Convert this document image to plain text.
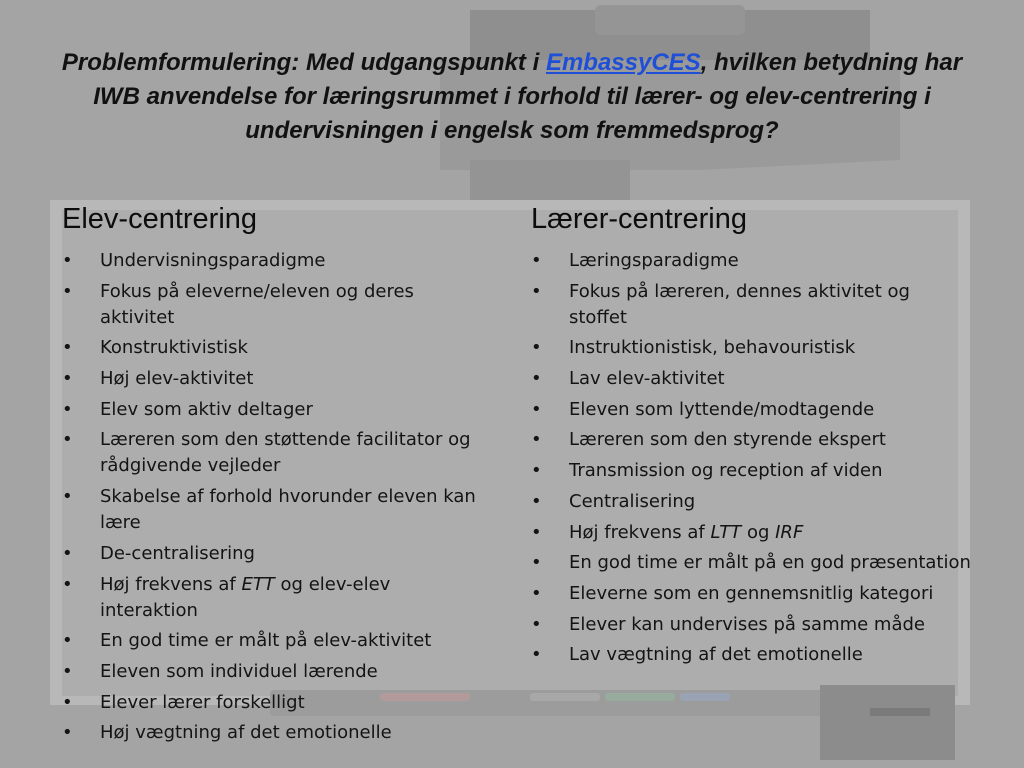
Problemformulering: Med udgangspunkt i EmbassyCES, hvilken betydning har IWB anvendelse for læringsrummet i forhold til lærer- og elev-centrering i undervisningen i engelsk som fremmedsprog?
Elev-centrering
• Undervisningsparadigme
• Fokus på eleverne/eleven og deres aktivitet
• Konstruktivistisk
• Høj elev-aktivitet
• Elev som aktiv deltager
• Læreren som den støttende facilitator og rådgivende vejleder
• Skabelse af forhold hvorunder eleven kan lære
• De-centralisering
• Høj frekvens af ETT og elev-elev interaktion
• En god time er målt på elev-aktivitet
• Eleven som individuel lærende
• Elever lærer forskelligt
• Høj vægtning af det emotionelle
Lærer-centrering
• Læringsparadigme
• Fokus på læreren, dennes aktivitet og stoffet
• Instruktionistisk, behavouristisk
• Lav elev-aktivitet
• Eleven som lyttende/modtagende
• Læreren som den styrende ekspert
• Transmission og reception af viden
• Centralisering
• Høj frekvens af LTT og IRF
• En god time er målt på en god præsentation
• Eleverne som en gennemsnitlig kategori
• Elever kan undervises på samme måde
• Lav vægtning af det emotionelle
